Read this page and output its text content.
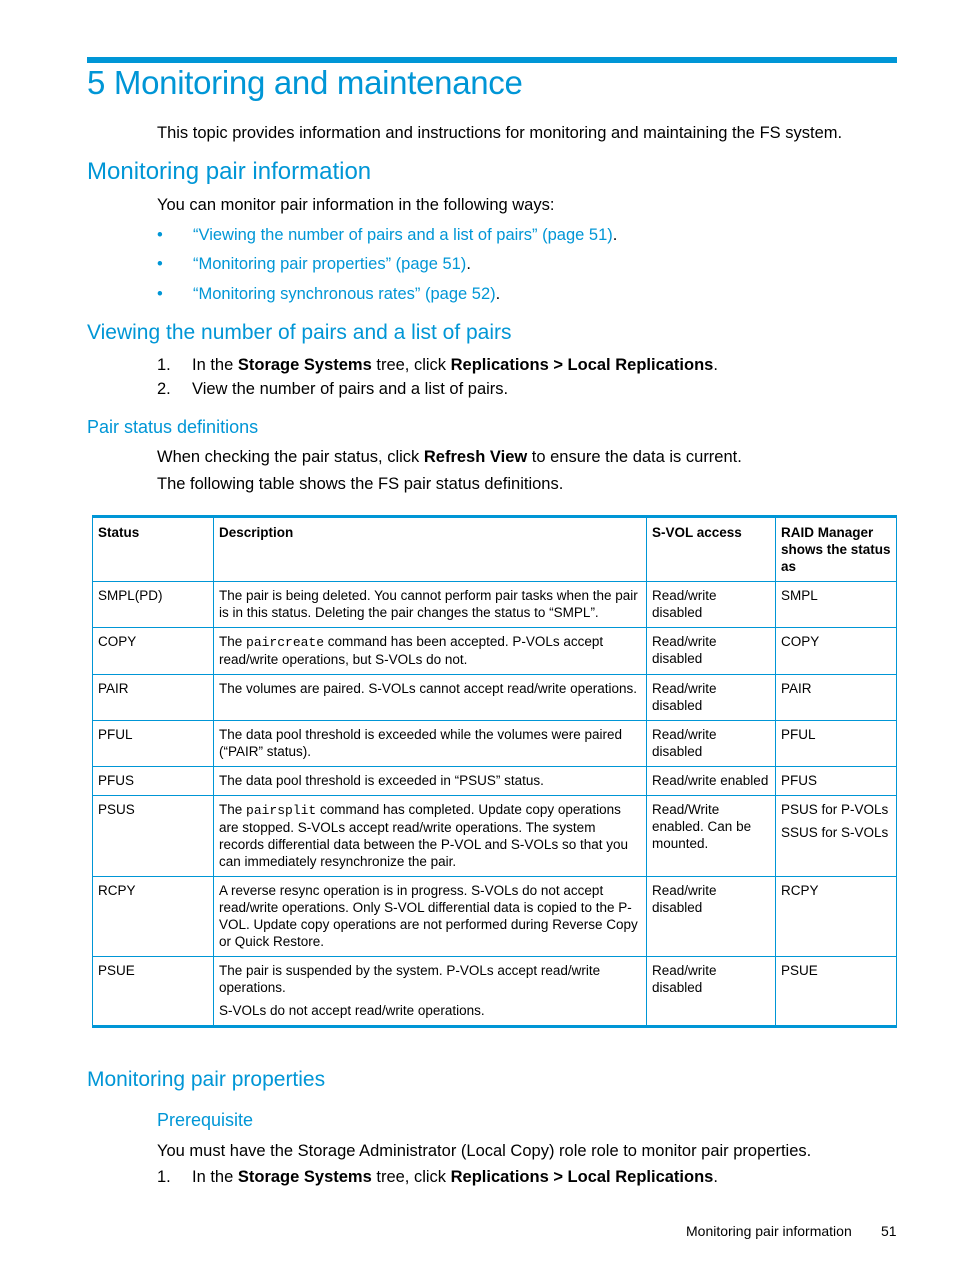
5 Monitoring and maintenance

This topic provides information and instructions for monitoring and maintaining the FS system.

Monitoring pair information

You can monitor pair information in the following ways:

• “Viewing the number of pairs and a list of pairs” (page 51).
• “Monitoring pair properties” (page 51).
• “Monitoring synchronous rates” (page 52).
Viewing the number of pairs and a list of pairs
1. In the Storage Systems tree, click Replications > Local Replications.
2. View the number of pairs and a list of pairs.
Pair status definitions

When checking the pair status, click Refresh View to ensure the data is current.

The following table shows the FS pair status definitions.

Status	Description	S-VOL access	RAID Manager shows the status as
SMPL(PD)	The pair is being deleted. You cannot perform pair tasks when the pair is in this status. Deleting the pair changes the status to “SMPL”.	Read/write disabled	SMPL
COPY	The paircreate command has been accepted. P-VOLs accept read/write operations, but S-VOLs do not.	Read/write disabled	COPY
PAIR	The volumes are paired. S-VOLs cannot accept read/write operations.	Read/write disabled	PAIR
PFUL	The data pool threshold is exceeded while the volumes were paired (“PAIR” status).	Read/write disabled	PFUL
PFUS	The data pool threshold is exceeded in “PSUS” status.	Read/write enabled	PFUS
PSUS	The pairsplit command has completed. Update copy operations are stopped. S-VOLs accept read/write operations. The system records differential data between the P-VOL and S-VOLs so that you can immediately resynchronize the pair.	Read/Write enabled. Can be mounted.	PSUS for P-VOLs
SSUS for S-VOLs

RCPY	A reverse resync operation is in progress. S-VOLs do not accept read/write operations. Only S-VOL differential data is copied to the P-VOL. Update copy operations are not performed during Reverse Copy or Quick Restore.	Read/write disabled	RCPY
PSUE	The pair is suspended by the system. P-VOLs accept read/write operations.
S-VOLs do not accept read/write operations.	Read/write disabled	PSUE
Monitoring pair properties
Prerequisite

You must have the Storage Administrator (Local Copy) role role to monitor pair properties.

1. In the Storage Systems tree, click Replications > Local Replications.
Monitoring pair information 51
